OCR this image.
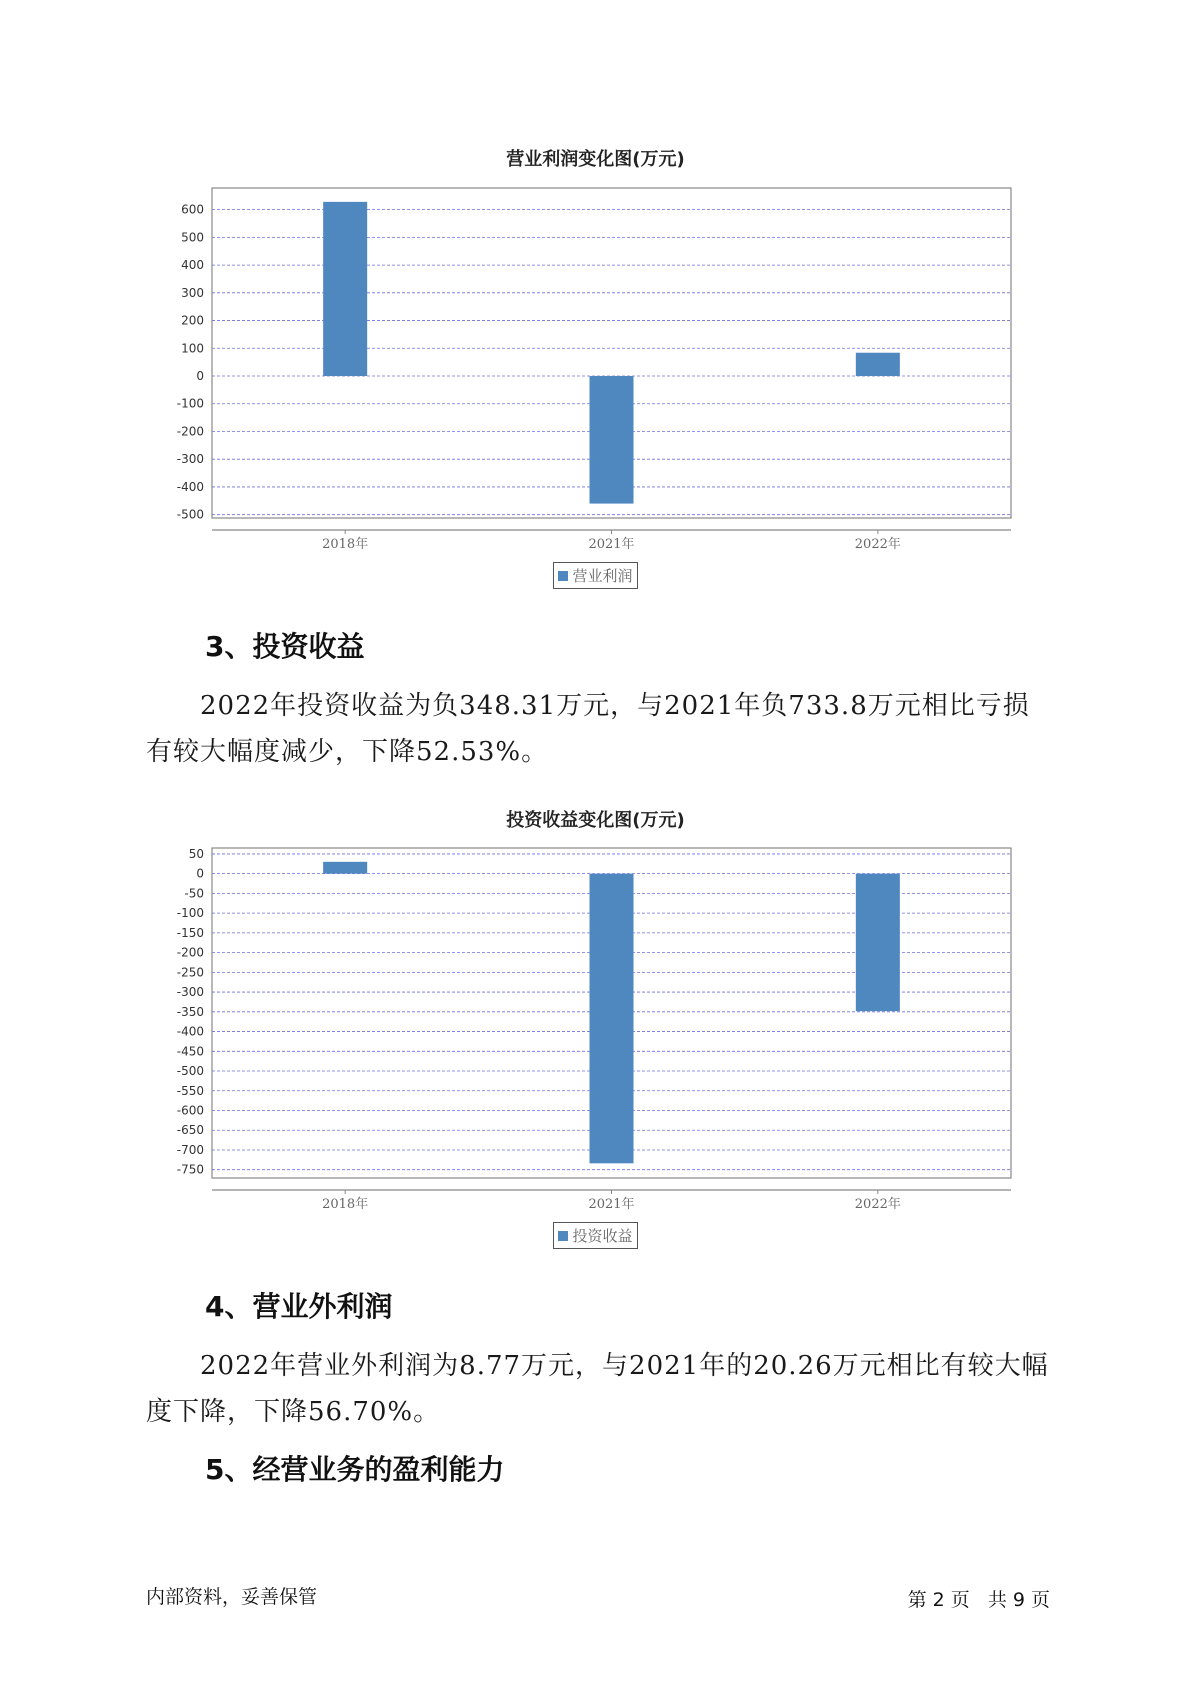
营业利润变化图(万元)
600
500
400
300
200
100
0
-100
-200
-300
-400
-500
2018年	2021年	2022年
营业利润
3、投资收益

2022年投资收益为负348.31万元，与2021年负733.8万元相比亏损有较大幅度减少，下降52.53%。

投资收益变化图(万元)
50
0
-50
-100
-150
-200
-250
-300
-350
-400
-450
-500
-550
-600
-650
-700
-750
2018年	2021年	2022年
投资收益
4、营业外利润

2022年营业外利润为8.77万元，与2021年的20.26万元相比有较大幅度下降，下降56.70%。

5、经营业务的盈利能力
内部资料，妥善保管	第 2 页 共 9 页
